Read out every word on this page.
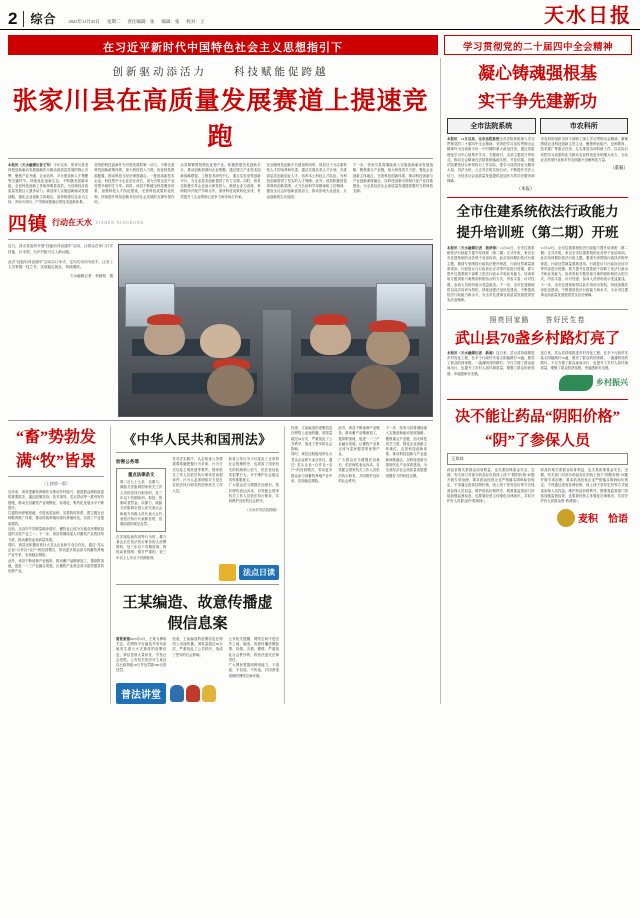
2 综合	2025年11月25日 星期二 责任编辑：张 编辑：张 校对：王	天水日报
在习近平新时代中国特色社会主义思想指引下	学习贯彻党的二十届四中全会精神
创新驱动添活力　　科技赋能促跨越
张家川县在高质量发展赛道上提速竞跑
本报讯（天水融媒记者王军）今年以来，张家川县坚持把创新驱动发展战略作为推动高质量发展的核心引擎，聚焦产业升级、企业培育、平台建设和人才集聚等关键环节，持续优化创新生态，不断激发创新动能，全县科技创新工作取得明显成效，为县域经济高质量发展注入强劲动力。该县深入实施创新驱动发展战略，强化企业创新主体地位，加快构建以企业为主体、市场为导向、产学研深度融合的技术创新体系。
坚持把科技创新作为引领发展的第一动力，不断完善科技创新政策体系，加大科技投入力度，优化科技资源配置，推动科技与经济深度融合。一批批高新技术企业、科技型中小企业茁壮成长，成为引领全县产业转型升级的生力军。同时，该县不断健全科技服务体系，加强科技人才队伍建设，完善科技成果转化机制，持续提升科技创新对经济社会发展的支撑引领作用。
全县紧紧围绕特色优势产业，积极搭建各类创新平台，推动创新资源向企业集聚。通过建立产业技术创新战略联盟、工程技术研究中心、重点实验室等创新平台，为企业技术创新提供了有力支撑。同时，该县还积极引导企业加大研发投入，鼓励企业与高校、科研院所开展产学研合作，加快科技成果转化步伐，有效提升了企业的核心竞争力和市场占有率。
在加强科技创新平台建设的同时，该县还十分注重科技人才的培养和引进，通过实施各类人才计划，引进高层次创新创业人才，培育本土科技人才队伍，为科技创新提供了坚实的人才保障。此外，该县积极营造浓厚的创新氛围，大力弘扬科学家精神和工匠精神，激发全社会的创新创造活力，推动形成大众创业、万众创新的生动局面。
下一步，张家川县将继续深入实施创新驱动发展战略，聚焦重点产业链，加大科技攻关力度，强化企业创新主体地位，完善科技创新体系，推动科技创新与产业创新深度融合，以科技创新引领现代化产业体系建设，为全县经济社会高质量发展提供强有力的科技支撑。
四镇 行动在天水 SIZHEN XINGDONG
近日，清水县组织开展“技能培训直通车”活动，让群众在家门口学技能、长本领，为乡村振兴注入新动能。
此次“技能培训直通车”活动以订单式、定向式培训为抓手，让务工人员掌握一技之长，实现稳定就业、持续增收。
天水融媒记者　李晓相　摄
“畜”势勃发
满“牧”皆景
（上接第一版）
近年来，该县把畜牧养殖作为推动乡村振兴、促进群众增收致富的重要抓手，通过政策扶持、技术指导、龙头带动等一系列有效措施，推动全县畜牧产业规模化、标准化、集约化发展水平不断提升。
打通牧场养殖基地，引进优质品种，完善防疫体系，建立健全良种繁育推广体系，推动传统养殖向现代养殖转变，实现了产业提质增效。
目前，全县肉牛饲养量稳步增长，畜牧业已成为当地农民增收致富的支柱产业之一。下一步，该县将继续加大对畜牧产业的扶持力度，推动畜牧业高质量发展。
同时，该县还积极培育壮大龙头企业和专业合作社，通过“龙头企业+合作社+农户”的经营模式，带动更多群众参与到畜牧养殖产业中来，实现稳定增收。
此外，该县不断延伸产业链条，推动畜产品精深加工，提高附加值，促进一二三产业融合发展，让畜牧产业真正成为富民强县的优势产业。
《中华人民共和国刑法》
妨害公务罪
重点法律条文
第二百七十七条　以暴力、威胁方法阻碍国家机关工作人员依法执行职务的，处三年以下有期徒刑、拘役、管制或者罚金。以暴力、威胁方法阻碍全国人民代表大会和地方各级人民代表大会代表依法执行代表职务的，依照前款的规定处罚。
在实施故意伤害等行为时，暴力袭击正在依法执行职务的人民警察的，处三年以下有期徒刑、拘役或者管制；情节严重的，处三年以上七年以下有期徒刑。
在司法实践中，认定妨害公务罪需要准确把握行为对象、行为方式以及主观故意等要件。国家机关工作人员依法执行职务是前提条件，行为人必须明知对方是正在依法执行职务的国家机关工作人员。
妨害公务行为不仅扰乱了正常的社会管理秩序，也损害了国家机关的权威和公信力，依法惩治此类犯罪行为，对于维护社会稳定具有重要意义。
广大群众应当增强法治意识，依法理性表达诉求，自觉配合国家机关工作人员依法执行职务，共同维护良好的社会秩序。
（天水市司法局供稿）
法点日读
王某编造、故意传播虚假信息案
简要案情2025年3月，王某为博取关注，在网络平台编造并发布某地发生重大火灾事故的虚假信息，该信息被大量转发，引发社会恐慌。公安机关依法对王某处以行政拘留10日并处罚款500元的处罚。
经查，王某编造的虚假信息在网络上迅速传播，浏览量超过30万次，严重扰乱了公共秩序，造成了恶劣的社会影响。
公安机关提醒，网络空间不是法外之地，编造、故意传播虚假险情、疫情、灾情、警情，严重扰乱社会秩序的，将依法追究法律责任。
广大网民要提高辨别能力，不造谣、不信谣、不传谣，共同营造清朗的网络空间环境。
普法讲堂
经查，王某编造的虚假信息在网络上迅速传播，浏览量超过30万次，严重扰乱了公共秩序，造成了恶劣的社会影响。
同时，该县还积极培育壮大龙头企业和专业合作社，通过“龙头企业+合作社+农户”的经营模式，带动更多群众参与到畜牧养殖产业中来，实现稳定增收。
此外，该县不断延伸产业链条，推动畜产品精深加工，提高附加值，促进一二三产业融合发展，让畜牧产业真正成为富民强县的优势产业。
广大群众应当增强法治意识，依法理性表达诉求，自觉配合国家机关工作人员依法执行职务，共同维护良好的社会秩序。
下一步，张家川县将继续深入实施创新驱动发展战略，聚焦重点产业链，加大科技攻关力度，强化企业创新主体地位，完善科技创新体系，推动科技创新与产业创新深度融合，以科技创新引领现代化产业体系建设，为全县经济社会高质量发展提供强有力的科技支撑。
凝心铸魂强根基
实干争先建新功
全市法院系统	市农科所
本报讯　11月以来，全市法院系统全市法院系统深入学习贯彻党的二十届四中全会精神，坚持把学习宣传贯彻全会精神作为当前和今后一个时期的重大政治任务，通过党组理论学习中心组集中学习、专题研讨、支部主题党日等形式，推动全会精神在法院系统落地生根、开花结果。各级法院紧密结合审判执行工作实际，把学习成效转化为服务大局、司法为民、公正司法的实际行动，不断提升司法公信力，为经济社会高质量发展提供更加有力的司法服务和保障。
（本报）
市农科所组织全体干部职工深入学习贯彻全会精神，紧紧围绕农业科技创新主责主业，聚焦种业振兴、良种繁育、技术推广等重点任务，扎实推进各项科研工作，以实际行动把学习成果转化为推动农业科技进步的强大动力，为农业农村现代化和乡村全面振兴贡献科技力量。
（董毅）
全市住建系统依法行政能力
提升培训班（第二期）开班
本报讯（天水融媒记者　装妍婷）11月22日，全市住建系统依法行政能力提升培训班（第二期）正式开班，来自全市住建系统的业务骨干参加培训。此次培训紧扣依法行政主题，邀请专家围绕行政执法程序规范、行政处罚裁量基准适用、行政复议与行政诉讼应对等内容进行授课，着力提升住建系统干部职工依法行政水平和业务能力。培训采取专题讲座与案例剖析相结合的方式，内容丰富、针对性强，参训人员纷纷表示受益匪浅。下一步，全市住建系统将以此次培训为契机，持续加强法治队伍建设，不断提高依法行政能力和水平，为全市住建事业高质量发展提供坚实法治保障。
11月22日，全市住建系统依法行政能力提升培训班（第二期）正式开班，来自全市住建系统的业务骨干参加培训。此次培训紧扣依法行政主题，邀请专家围绕行政执法程序规范、行政处罚裁量基准适用、行政复议与行政诉讼应对等内容进行授课，着力提升住建系统干部职工依法行政水平和业务能力。培训采取专题讲座与案例剖析相结合的方式，内容丰富、针对性强，参训人员纷纷表示受益匪浅。下一步，全市住建系统将以此次培训为契机，持续加强法治队伍建设，不断提高依法行政能力和水平，为全市住建事业高质量发展提供坚实法治保障。
照亮回家路　　答好民生卷
武山县70盏乡村路灯亮了
本报讯（天水融媒记者　新闻）连日来，武山县持续推进乡村亮化工程，在多个行政村安装太阳能路灯70盏，照亮了群众的回家路。一盏盏明亮的路灯，不仅方便了群众夜间出行，也提升了乡村人居环境质量，增强了群众的获得感、幸福感和安全感。
连日来，武山县持续推进乡村亮化工程，在多个行政村安装太阳能路灯70盏，照亮了群众的回家路。一盏盏明亮的路灯，不仅方便了群众夜间出行，也提升了乡村人居环境质量，增强了群众的获得感、幸福感和安全感。
乡村振兴
决不能让药品“阴阳价格”
“阴”了参保人员
王玮玮
药品价格关系群众切身利益，也关系医保基金安全。近期，有关部门对部分药品存在的线上线下“阴阳价格”问题开展专项治理，要求药品经营企业严格落实明码标价规定，不得通过虚高挂网价格、线上线下差异定价等方式侵害参保人员权益。维护药品价格秩序，既要靠监管部门持续加强监督检查，也要靠经营主体强化自律意识，共同守护好人民群众的“救命钱”。
药品价格关系群众切身利益，也关系医保基金安全。近期，有关部门对部分药品存在的线上线下“阴阳价格”问题开展专项治理，要求药品经营企业严格落实明码标价规定，不得通过虚高挂网价格、线上线下差异定价等方式侵害参保人员权益。维护药品价格秩序，既要靠监管部门持续加强监督检查，也要靠经营主体强化自律意识，共同守护好人民群众的“救命钱”。
麦积　恰语
